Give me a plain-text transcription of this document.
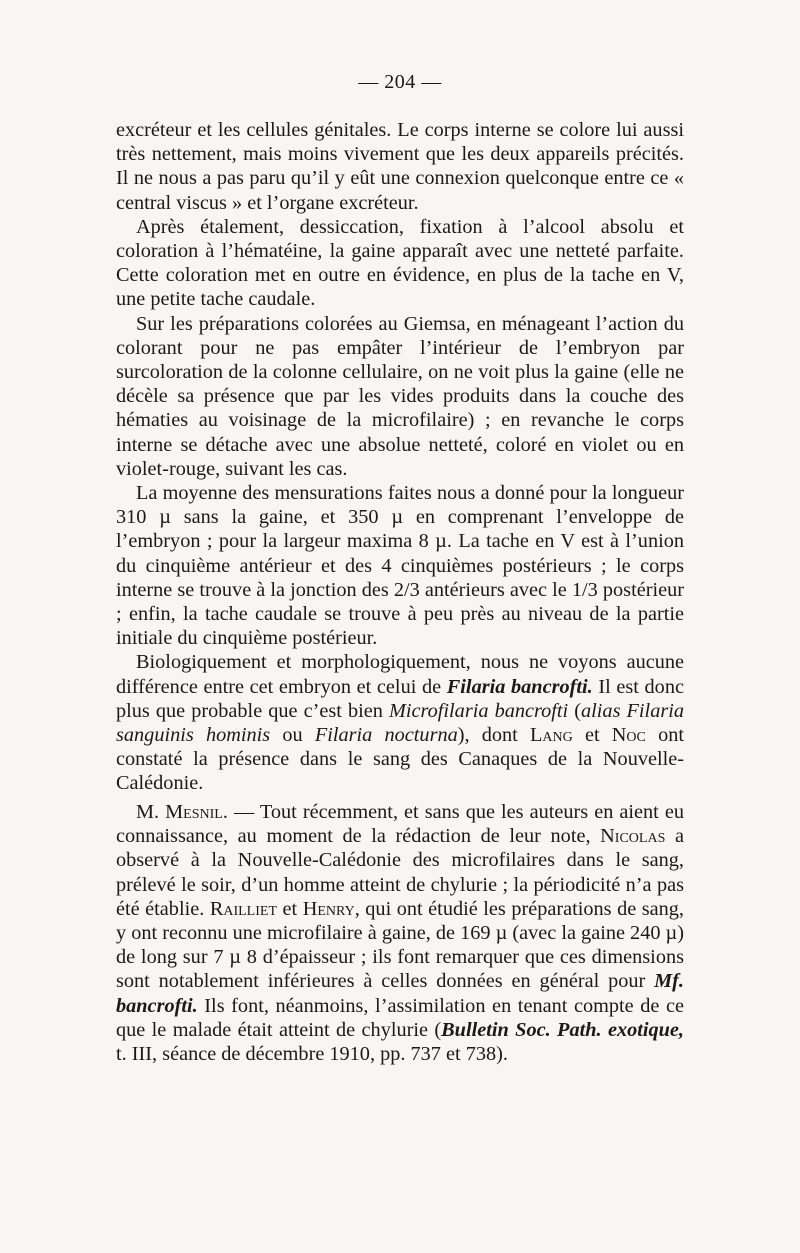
— 204 —

excréteur et les cellules génitales. Le corps interne se colore lui aussi très nettement, mais moins vivement que les deux appareils précités. Il ne nous a pas paru qu’il y eût une connexion quelconque entre ce « central viscus » et l’organe excréteur.

Après étalement, dessiccation, fixation à l’alcool absolu et coloration à l’hématéine, la gaine apparaît avec une netteté parfaite. Cette coloration met en outre en évidence, en plus de la tache en V, une petite tache caudale.

Sur les préparations colorées au Giemsa, en ménageant l’action du colorant pour ne pas empâter l’intérieur de l’embryon par surcoloration de la colonne cellulaire, on ne voit plus la gaine (elle ne décèle sa présence que par les vides produits dans la couche des hématies au voisinage de la microfilaire) ; en revanche le corps interne se détache avec une absolue netteté, coloré en violet ou en violet-rouge, suivant les cas.

La moyenne des mensurations faites nous a donné pour la longueur 310 µ sans la gaine, et 350 µ en comprenant l’enveloppe de l’embryon ; pour la largeur maxima 8 µ. La tache en V est à l’union du cinquième antérieur et des 4 cinquièmes postérieurs ; le corps interne se trouve à la jonction des 2/3 antérieurs avec le 1/3 postérieur ; enfin, la tache caudale se trouve à peu près au niveau de la partie initiale du cinquième postérieur.

Biologiquement et morphologiquement, nous ne voyons aucune différence entre cet embryon et celui de Filaria bancrofti. Il est donc plus que probable que c’est bien Microfilaria bancrofti (alias Filaria sanguinis hominis ou Filaria nocturna), dont Lang et Noc ont constaté la présence dans le sang des Canaques de la Nouvelle-Calédonie.

M. Mesnil. — Tout récemment, et sans que les auteurs en aient eu connaissance, au moment de la rédaction de leur note, Nicolas a observé à la Nouvelle-Calédonie des microfilaires dans le sang, prélevé le soir, d’un homme atteint de chylurie ; la périodicité n’a pas été établie. Railliet et Henry, qui ont étudié les préparations de sang, y ont reconnu une microfilaire à gaine, de 169 µ (avec la gaine 240 µ) de long sur 7 µ 8 d’épaisseur ; ils font remarquer que ces dimensions sont notablement inférieures à celles données en général pour Mf. bancrofti. Ils font, néanmoins, l’assimilation en tenant compte de ce que le malade était atteint de chylurie (Bulletin Soc. Path. exotique, t. III, séance de décembre 1910, pp. 737 et 738).
